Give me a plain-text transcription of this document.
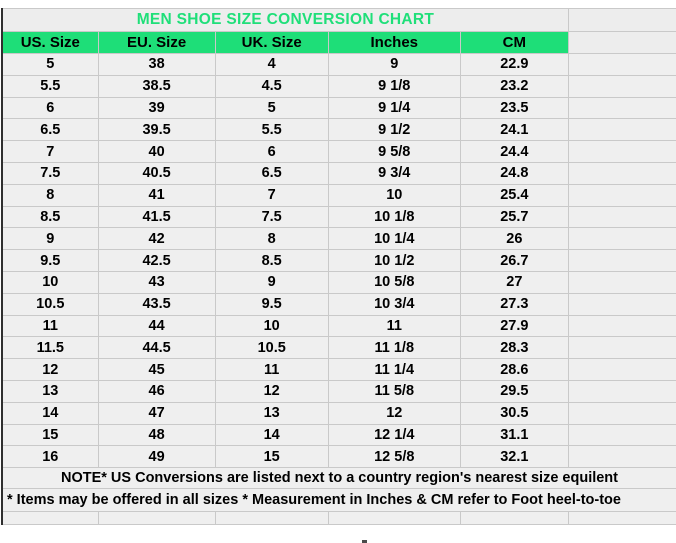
MEN SHOE SIZE CONVERSION CHART					
US. Size	EU. Size	UK. Size	Inches	CM	
5	38	4	9	22.9	
5.5	38.5	4.5	9 1/8	23.2	
6	39	5	9 1/4	23.5	
6.5	39.5	5.5	9 1/2	24.1	
7	40	6	9 5/8	24.4	
7.5	40.5	6.5	9 3/4	24.8	
8	41	7	10	25.4	
8.5	41.5	7.5	10 1/8	25.7	
9	42	8	10 1/4	26	
9.5	42.5	8.5	10 1/2	26.7	
10	43	9	10 5/8	27	
10.5	43.5	9.5	10 3/4	27.3	
11	44	10	11	27.9	
11.5	44.5	10.5	11 1/8	28.3	
12	45	11	11 1/4	28.6	
13	46	12	11 5/8	29.5	
14	47	13	12	30.5	
15	48	14	12 1/4	31.1	
16	49	15	12 5/8	32.1	
NOTE* US Conversions are listed next to a country region's nearest size equilent					
* Items may be offered in all sizes * Measurement in Inches & CM refer to Foot heel-to-toe					
